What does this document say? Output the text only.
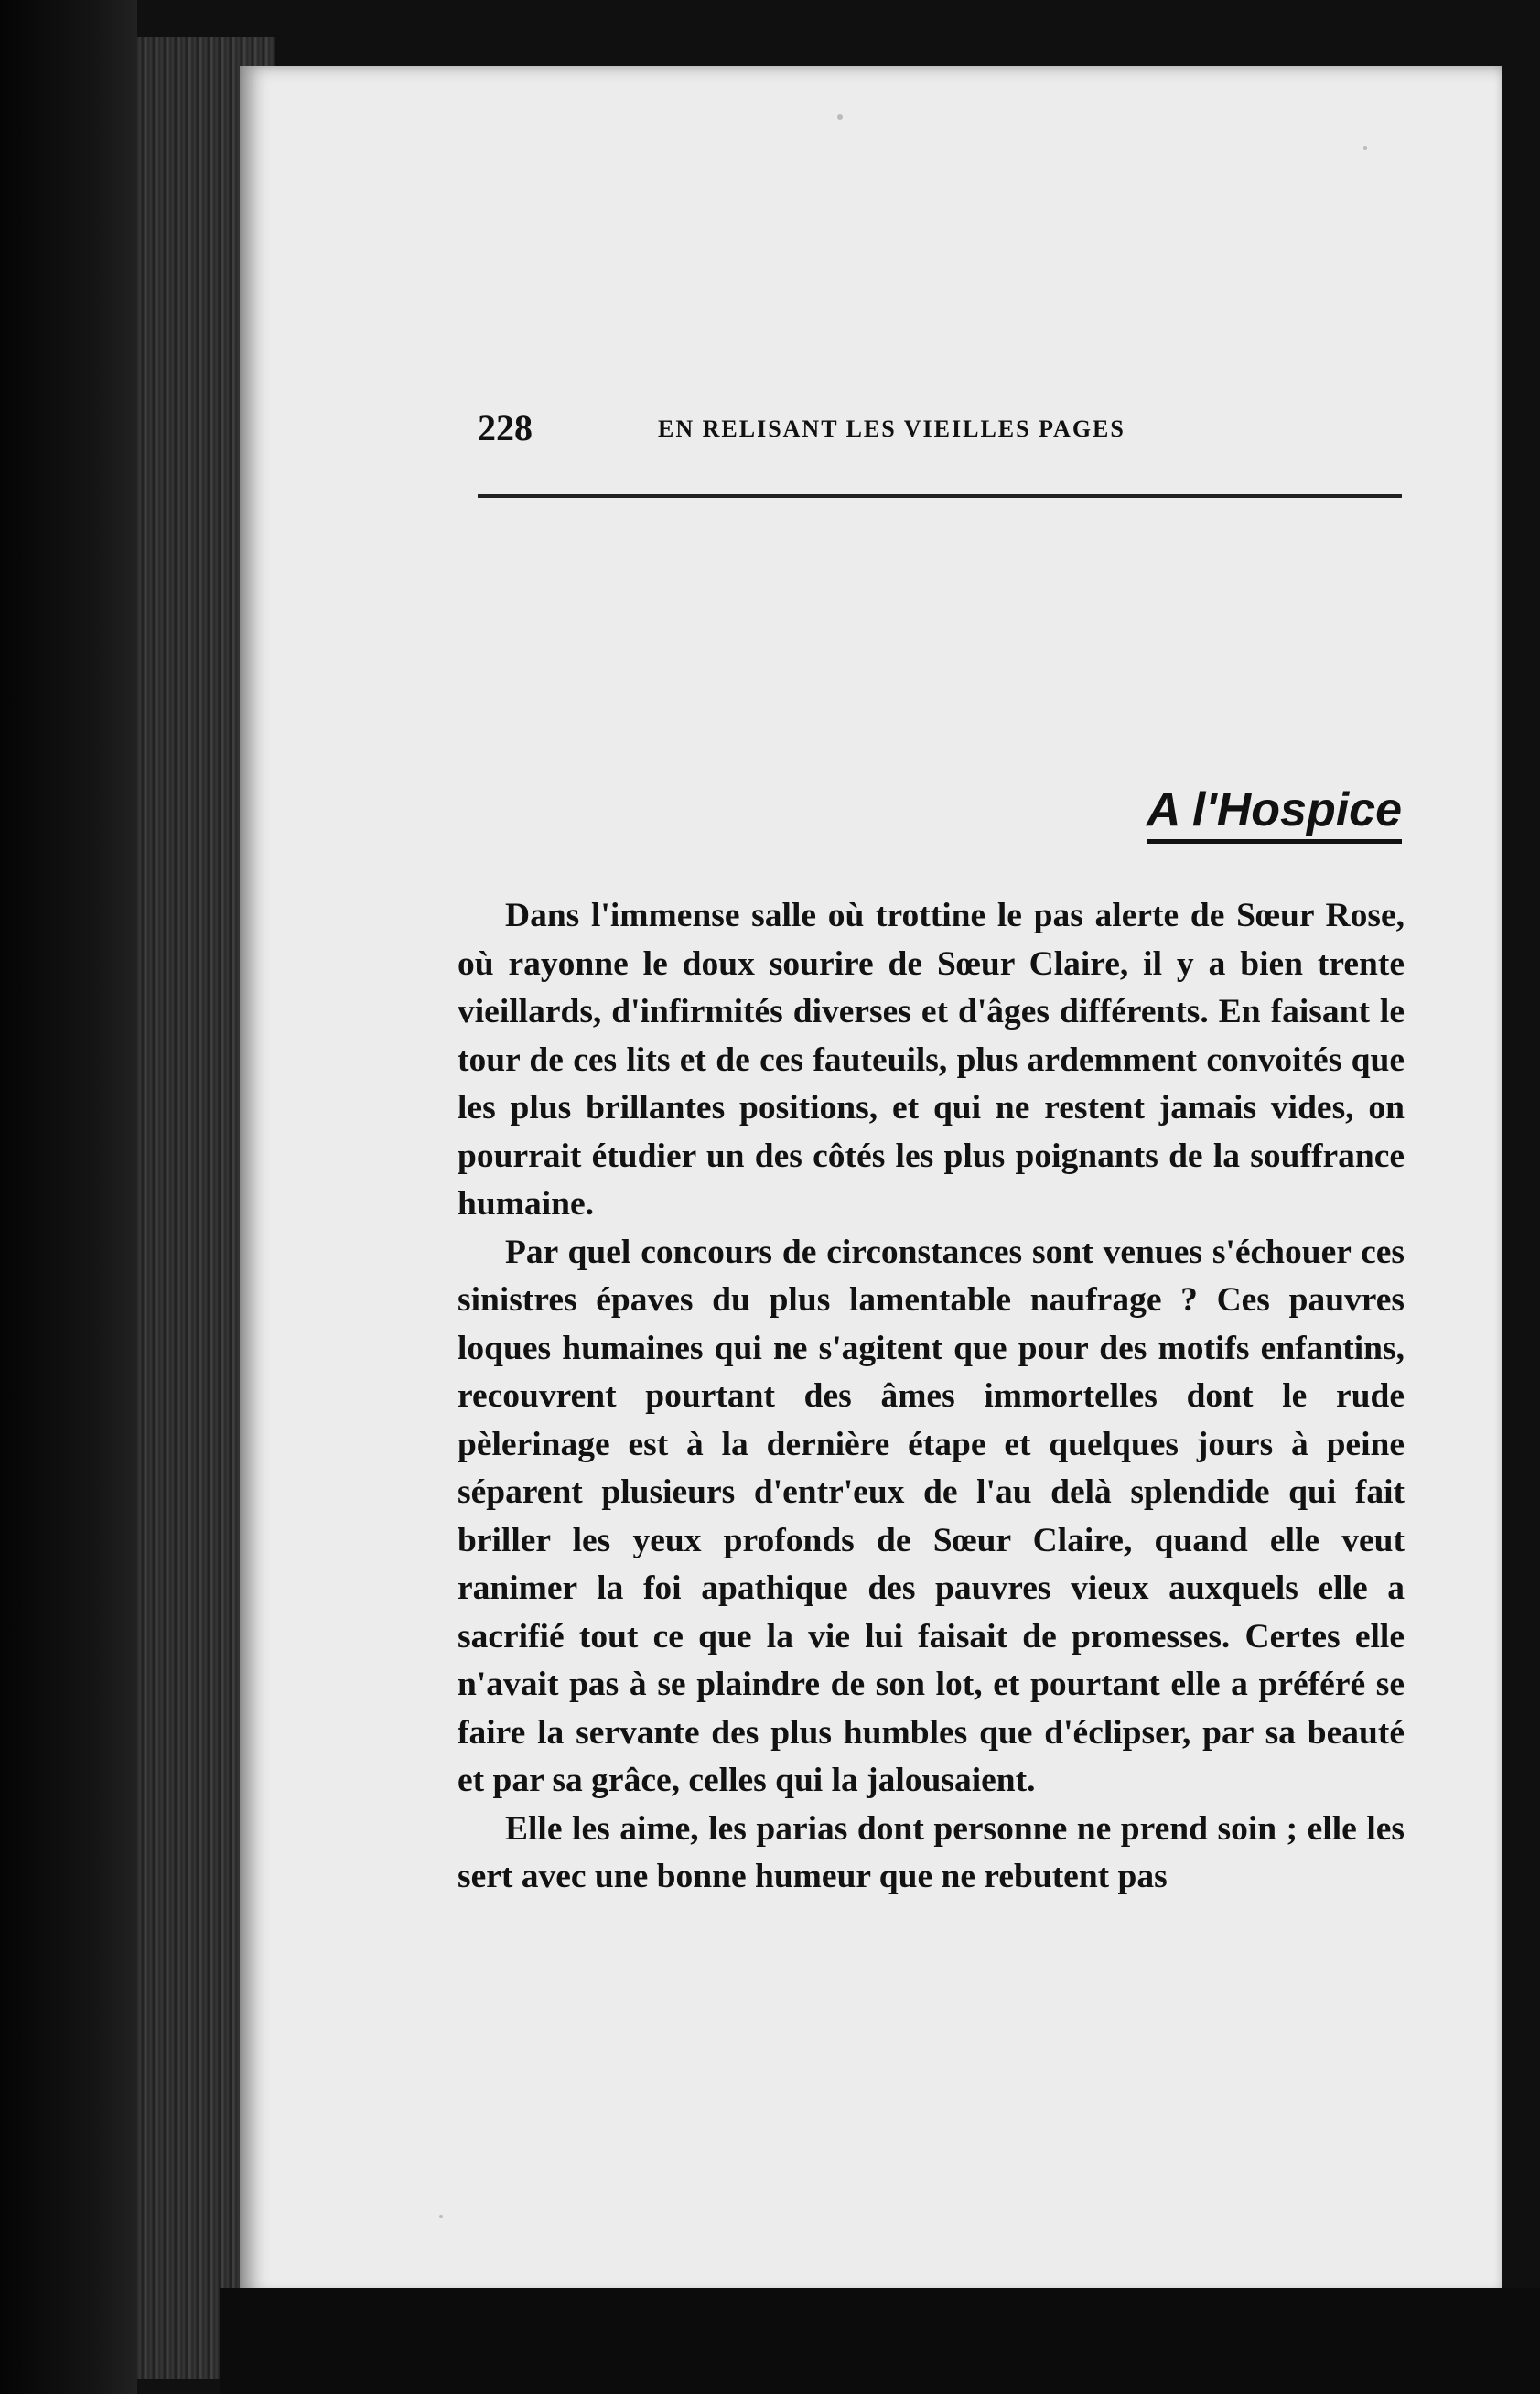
228	EN RELISANT LES VIEILLES PAGES
A l'Hospice

Dans l'immense salle où trottine le pas alerte de Sœur Rose, où rayonne le doux sourire de Sœur Claire, il y a bien trente vieillards, d'infirmités diverses et d'âges différents. En faisant le tour de ces lits et de ces fauteuils, plus ardemment convoités que les plus brillantes positions, et qui ne restent jamais vides, on pourrait étudier un des côtés les plus poignants de la souffrance humaine.

Par quel concours de circonstances sont venues s'échouer ces sinistres épaves du plus lamentable naufrage ? Ces pauvres loques humaines qui ne s'agitent que pour des motifs enfantins, recouvrent pourtant des âmes immortelles dont le rude pèlerinage est à la dernière étape et quelques jours à peine séparent plusieurs d'entr'eux de l'au delà splendide qui fait briller les yeux profonds de Sœur Claire, quand elle veut ranimer la foi apathique des pauvres vieux auxquels elle a sacrifié tout ce que la vie lui faisait de promesses. Certes elle n'avait pas à se plaindre de son lot, et pourtant elle a préféré se faire la servante des plus humbles que d'éclipser, par sa beauté et par sa grâce, celles qui la jalousaient.

Elle les aime, les parias dont personne ne prend soin ; elle les sert avec une bonne humeur que ne rebutent pas
